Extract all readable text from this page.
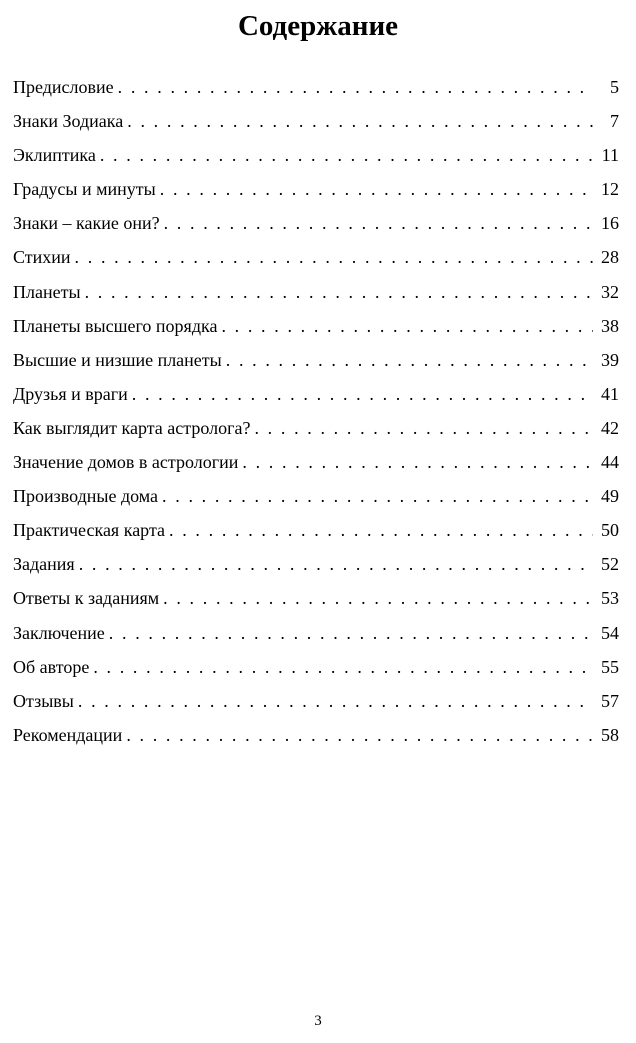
Содержание
Предисловие . . .	5
Знаки Зодиака . . .	7
Эклиптика . . .	11
Градусы и минуты . . .	12
Знаки – какие они? . . .	16
Стихии . . .	28
Планеты . . .	32
Планеты высшего порядка . . .	38
Высшие и низшие планеты . . .	39
Друзья и враги . . .	41
Как выглядит карта астролога? . . .	42
Значение домов в астрологии . . .	44
Производные дома . . .	49
Практическая карта . . .	50
Задания . . .	52
Ответы к заданиям . . .	53
Заключение . . .	54
Об авторе . . .	55
Отзывы . . .	57
Рекомендации . . .	58
3
